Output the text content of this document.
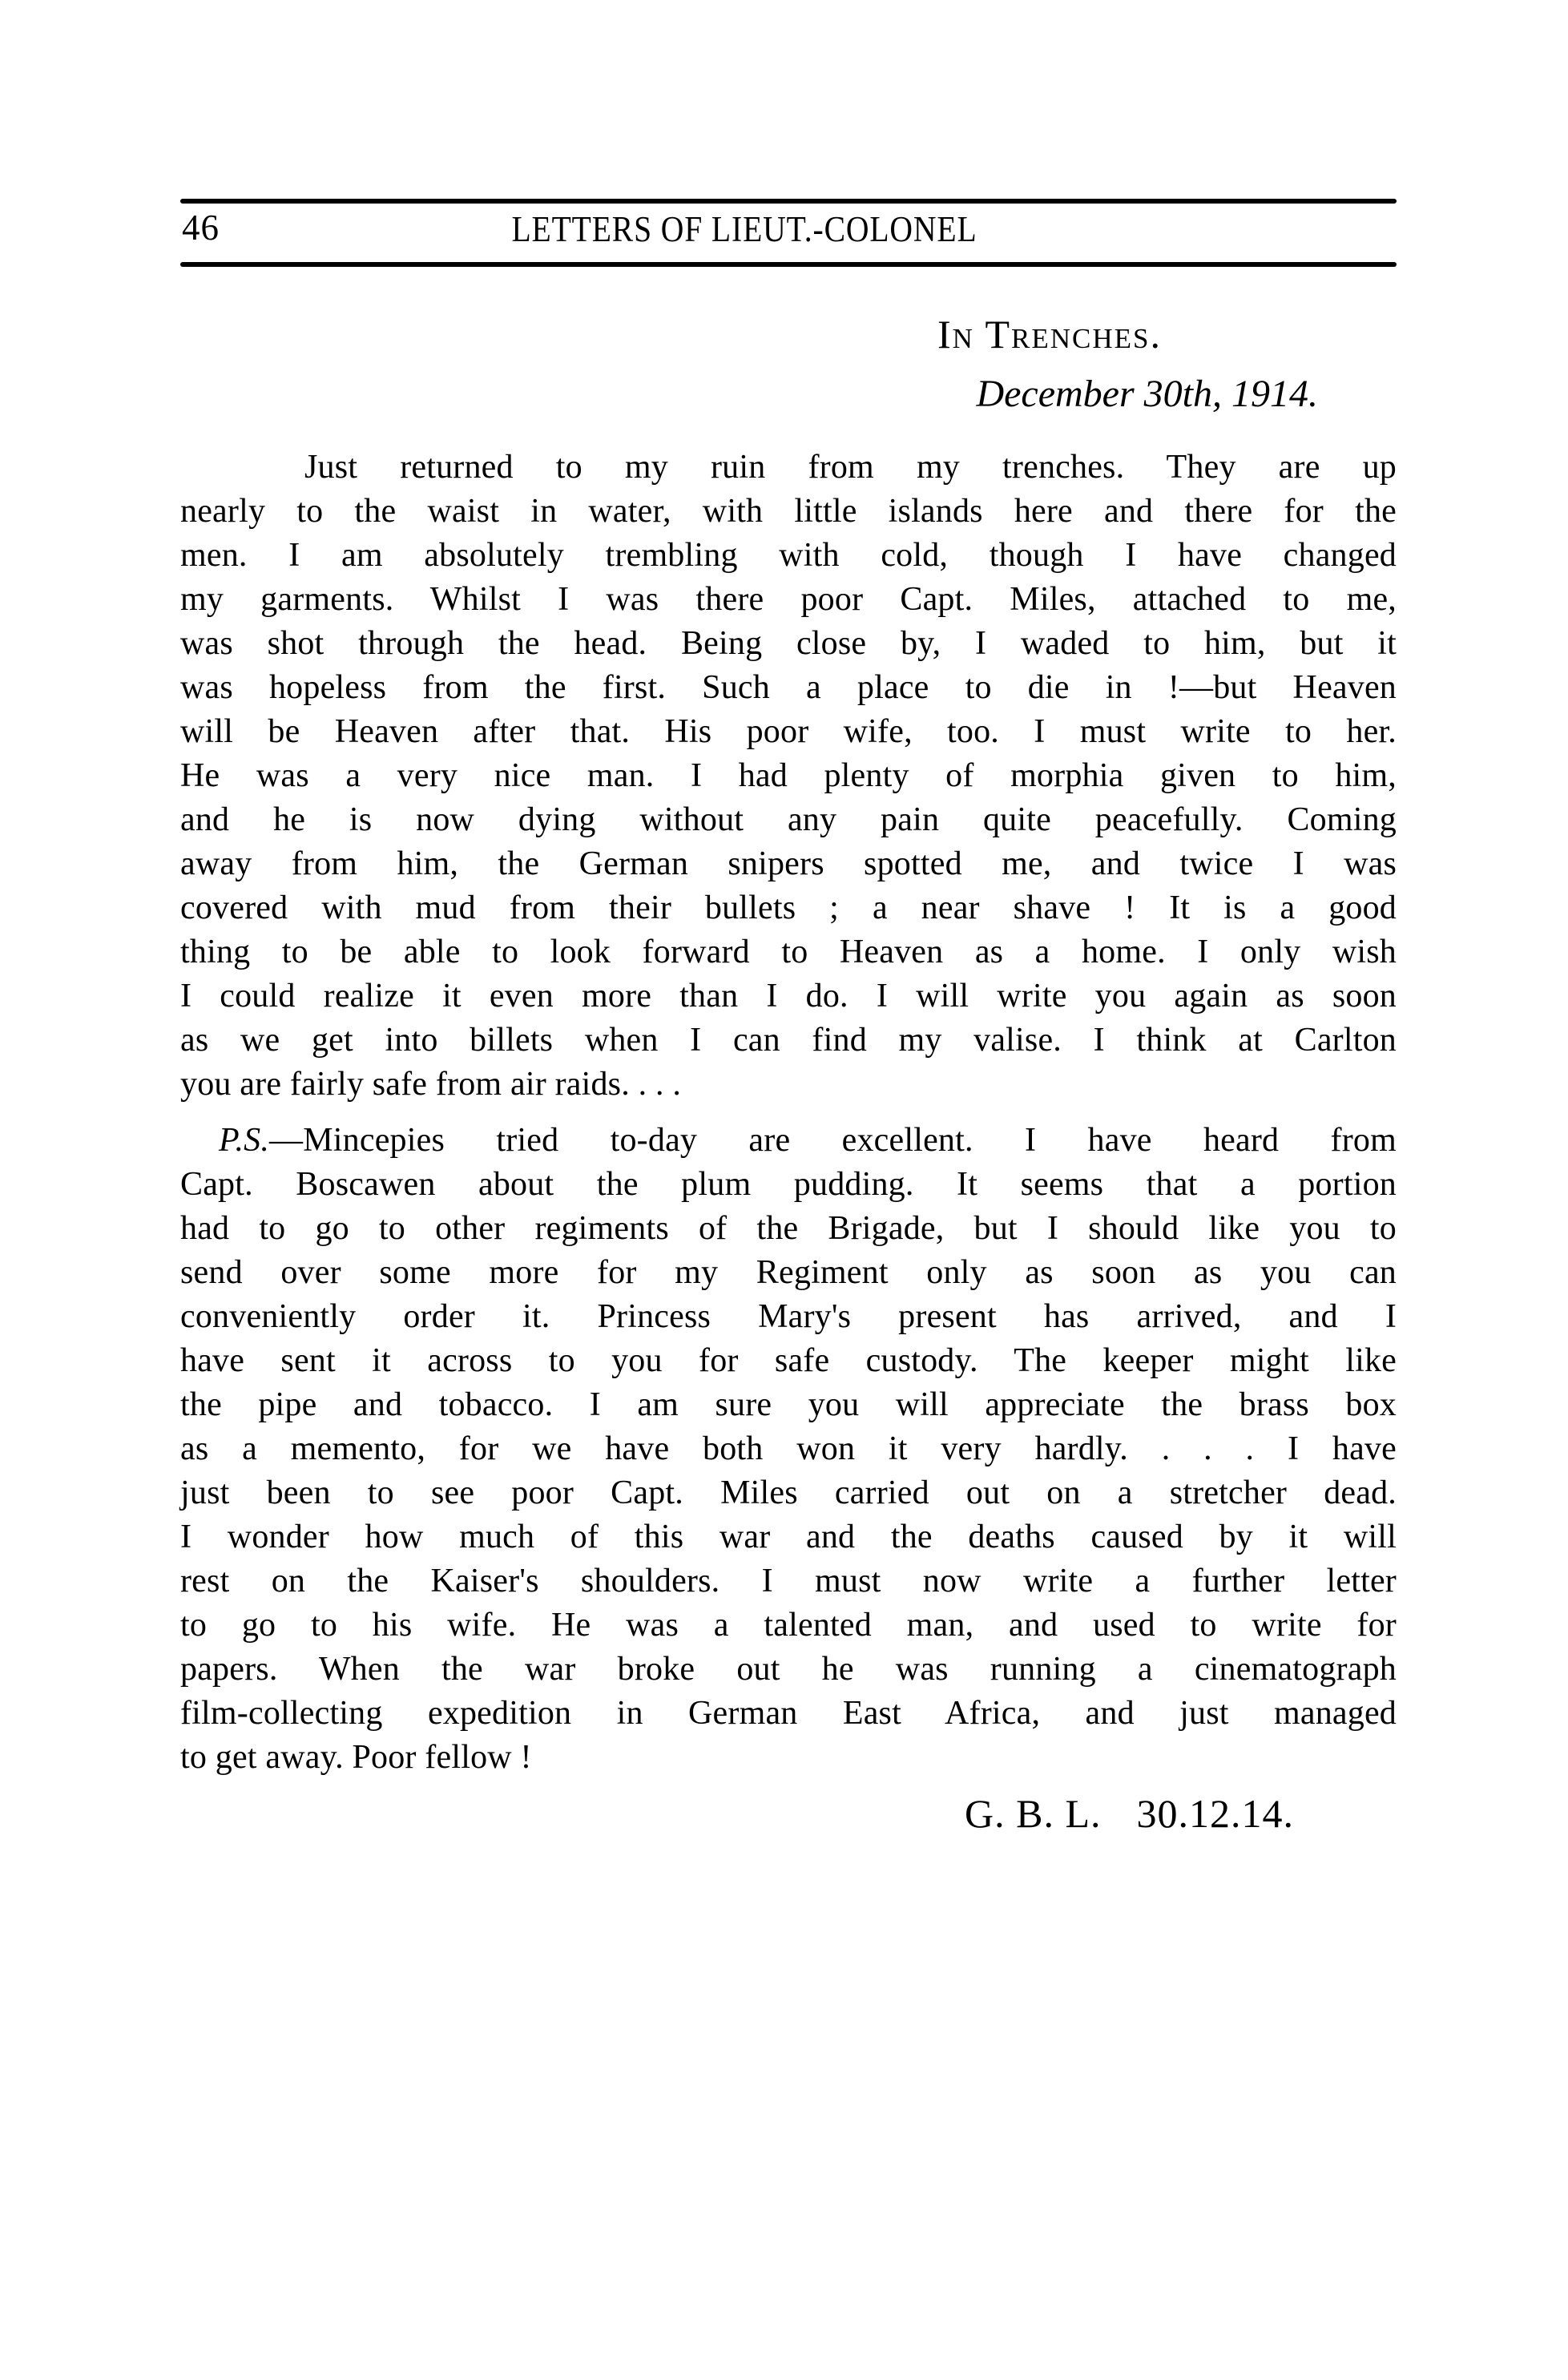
46	LETTERS OF LIEUT.-COLONEL
In Trenches.
December 30th, 1914.
Just returned to my ruin from my trenches. They are up
nearly to the waist in water, with little islands here and there for the
men. I am absolutely trembling with cold, though I have changed
my garments. Whilst I was there poor Capt. Miles, attached to me,
was shot through the head. Being close by, I waded to him, but it
was hopeless from the first. Such a place to die in !—but Heaven
will be Heaven after that. His poor wife, too. I must write to her.
He was a very nice man. I had plenty of morphia given to him,
and he is now dying without any pain quite peacefully. Coming
away from him, the German snipers spotted me, and twice I was
covered with mud from their bullets ; a near shave ! It is a good
thing to be able to look forward to Heaven as a home. I only wish
I could realize it even more than I do. I will write you again as soon
as we get into billets when I can find my valise. I think at Carlton
you are fairly safe from air raids. . . .
P.S.—Mincepies tried to-day are excellent. I have heard from
Capt. Boscawen about the plum pudding. It seems that a portion
had to go to other regiments of the Brigade, but I should like you to
send over some more for my Regiment only as soon as you can
conveniently order it. Princess Mary's present has arrived, and I
have sent it across to you for safe custody. The keeper might like
the pipe and tobacco. I am sure you will appreciate the brass box
as a memento, for we have both won it very hardly. . . . I have
just been to see poor Capt. Miles carried out on a stretcher dead.
I wonder how much of this war and the deaths caused by it will
rest on the Kaiser's shoulders. I must now write a further letter
to go to his wife. He was a talented man, and used to write for
papers. When the war broke out he was running a cinematograph
film-collecting expedition in German East Africa, and just managed
to get away. Poor fellow !
G. B. L. 30.12.14.
